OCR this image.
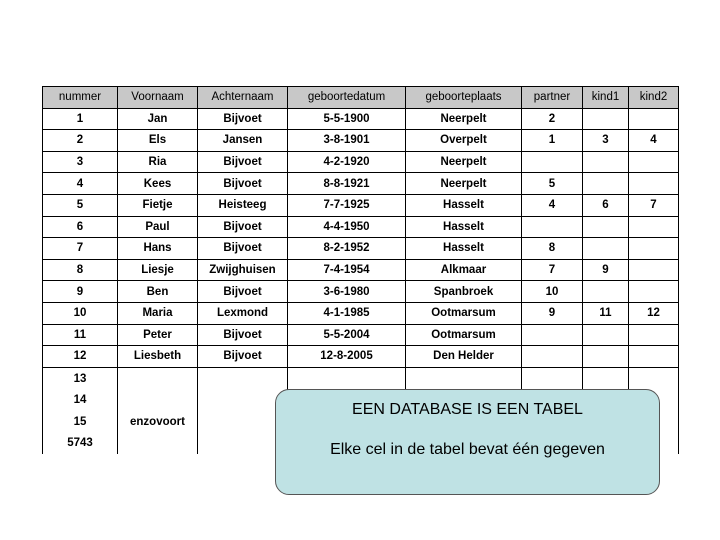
nummer	Voornaam	Achternaam	geboortedatum	geboorteplaats	partner	kind1	kind2
1	Jan	Bijvoet	5-5-1900	Neerpelt	2		
2	Els	Jansen	3-8-1901	Overpelt	1	3	4
3	Ria	Bijvoet	4-2-1920	Neerpelt			
4	Kees	Bijvoet	8-8-1921	Neerpelt	5		
5	Fietje	Heisteeg	7-7-1925	Hasselt	4	6	7
6	Paul	Bijvoet	4-4-1950	Hasselt			
7	Hans	Bijvoet	8-2-1952	Hasselt	8		
8	Liesje	Zwijghuisen	7-4-1954	Alkmaar	7	9	
9	Ben	Bijvoet	3-6-1980	Spanbroek	10		
10	Maria	Lexmond	4-1-1985	Ootmarsum	9	11	12
11	Peter	Bijvoet	5-5-2004	Ootmarsum			
12	Liesbeth	Bijvoet	12-8-2005	Den Helder			
13							
14							
15	enzovoort						
5743							
EEN DATABASE IS EEN TABEL
Elke cel in de tabel bevat één gegeven
